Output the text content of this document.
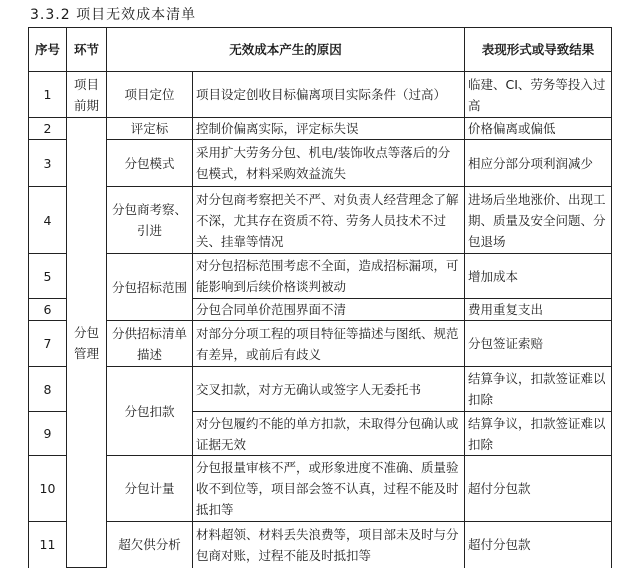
3.3.2 项目无效成本清单
序号	环节	无效成本产生的原因		表现形式或导致结果
1	项目前期	项目定位	项目设定创收目标偏离项目实际条件（过高）	临建、CI、劳务等投入过高
2	分包管理	评定标	控制价偏离实际，评定标失误	价格偏离或偏低
3		分包模式	采用扩大劳务分包、机电/装饰收点等落后的分包模式，材料采购效益流失	相应分部分项利润减少
4		分包商考察、引进	对分包商考察把关不严、对负责人经营理念了解不深，尤其存在资质不符、劳务人员技术不过关、挂靠等情况	进场后坐地涨价、出现工期、质量及安全问题、分包退场
5		分包招标范围	对分包招标范围考虑不全面，造成招标漏项，可能影响到后续价格谈判被动	增加成本
6			分包合同单价范围界面不清	费用重复支出
7		分供招标清单描述	对部分分项工程的项目特征等描述与图纸、规范有差异，或前后有歧义	分包签证索赔
8		分包扣款	交叉扣款，对方无确认或签字人无委托书	结算争议，扣款签证难以扣除
9			对分包履约不能的单方扣款，未取得分包确认或证据无效	结算争议，扣款签证难以扣除
10		分包计量	分包报量审核不严，或形象进度不准确、质量验收不到位等，项目部会签不认真，过程不能及时抵扣等	超付分包款
11		超欠供分析	材料超领、材料丢失浪费等，项目部未及时与分包商对账，过程不能及时抵扣等	超付分包款
